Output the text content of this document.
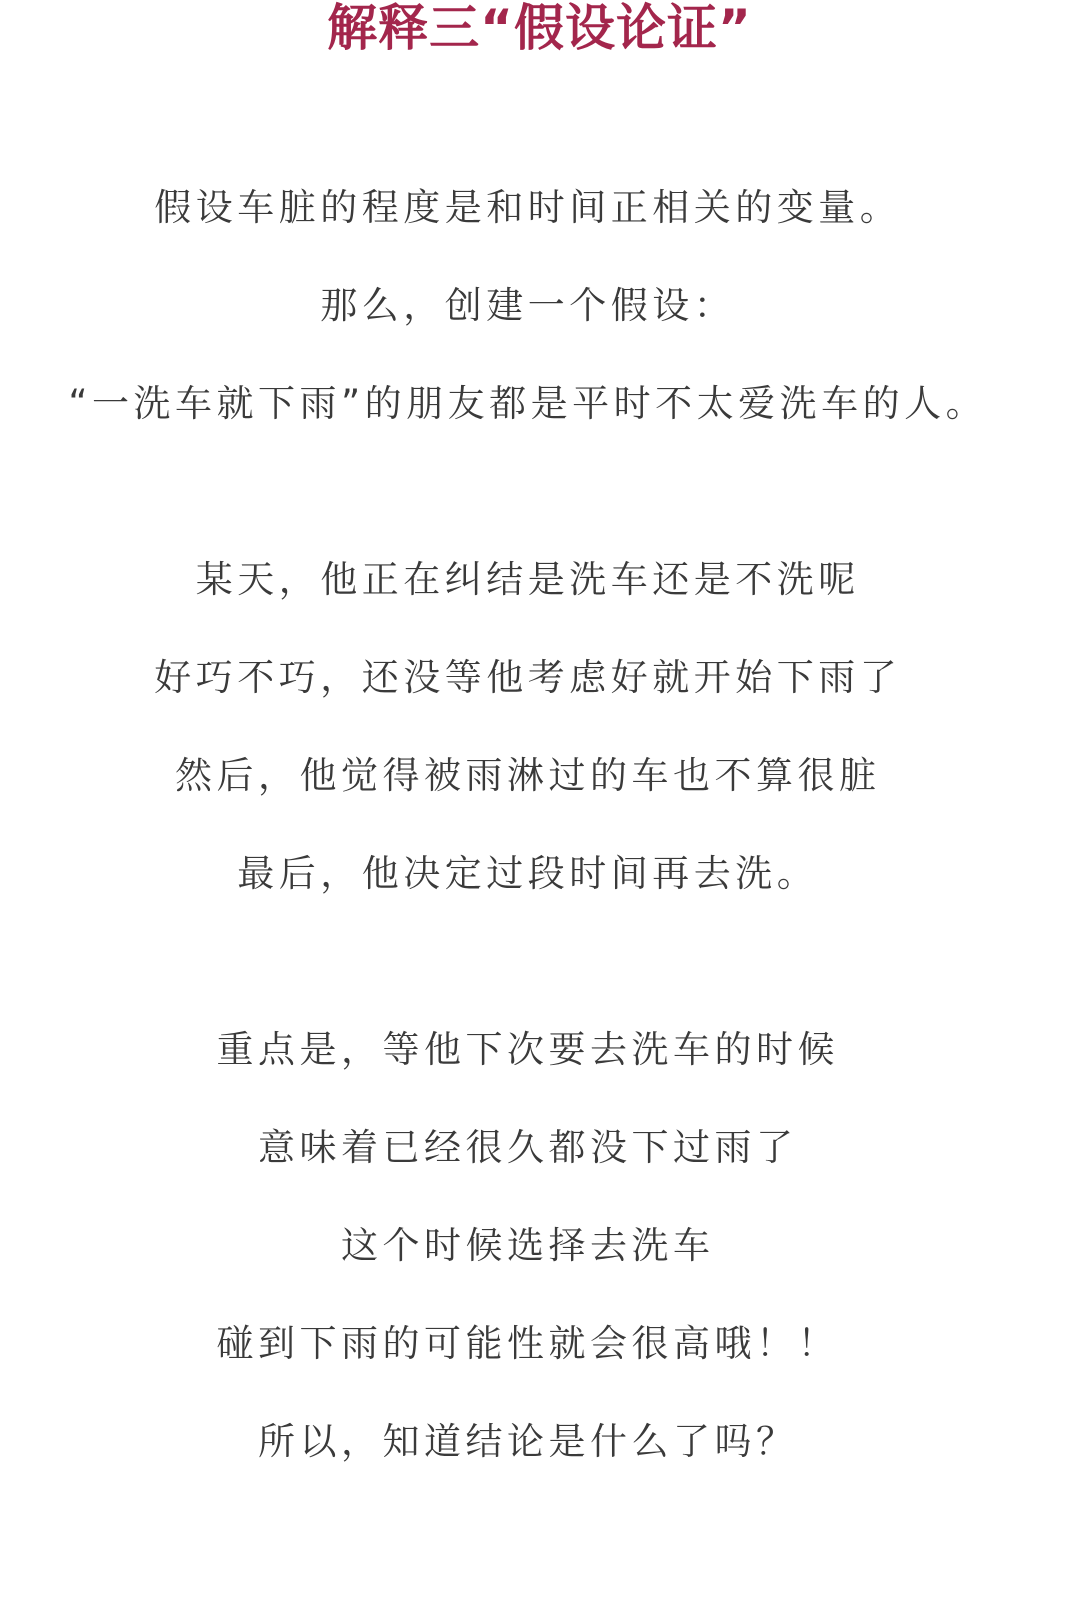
解释三“假设论证”
假设车脏的程度是和时间正相关的变量。
那么，创建一个假设：
“一洗车就下雨”的朋友都是平时不太爱洗车的人。
某天，他正在纠结是洗车还是不洗呢
好巧不巧，还没等他考虑好就开始下雨了
然后，他觉得被雨淋过的车也不算很脏
最后，他决定过段时间再去洗。
重点是，等他下次要去洗车的时候
意味着已经很久都没下过雨了
这个时候选择去洗车
碰到下雨的可能性就会很高哦！！
所以，知道结论是什么了吗？
